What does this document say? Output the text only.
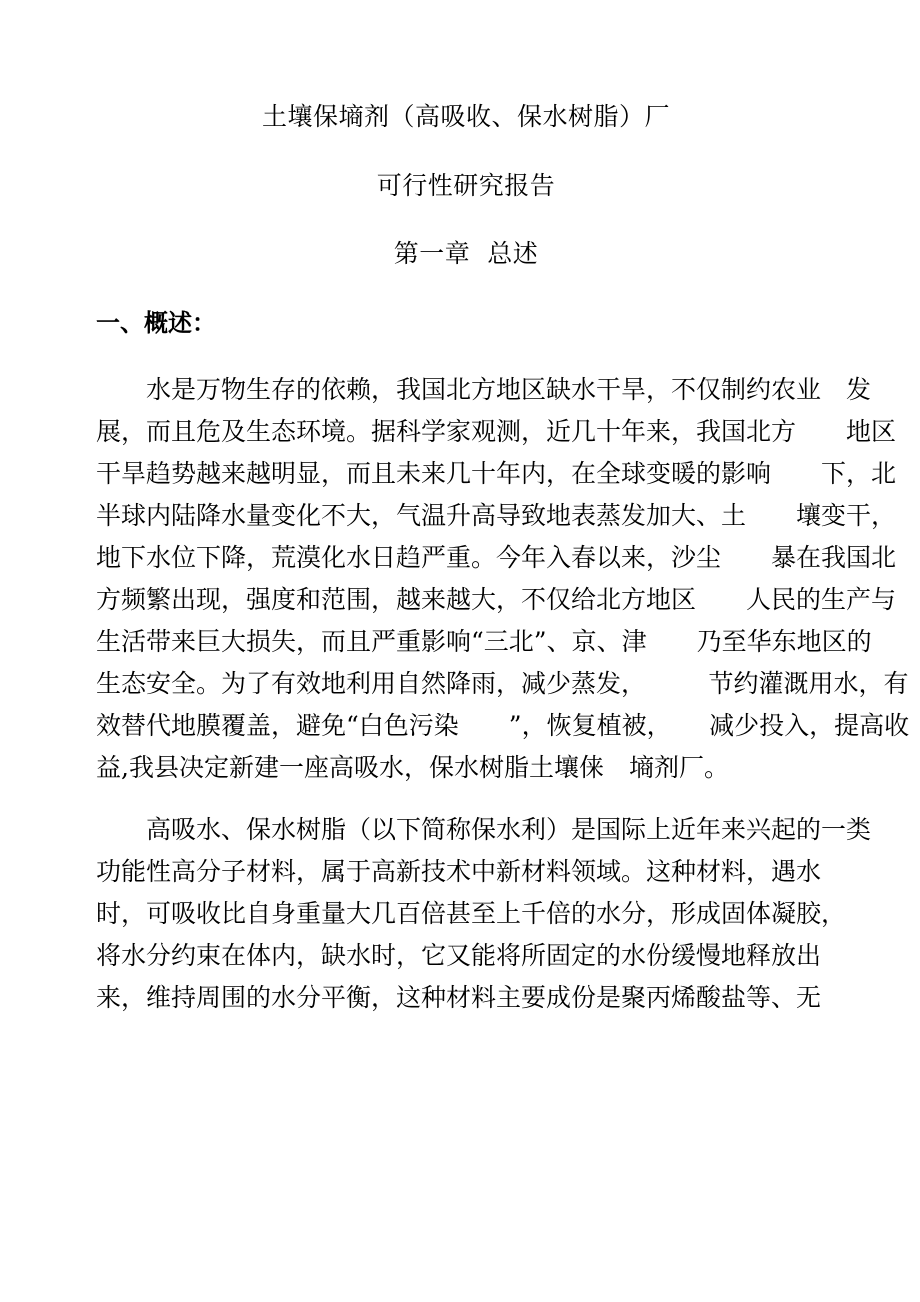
土壤保墒剂（高吸收、保水树脂）厂
可行性研究报告
第一章  总述
一、概述：
　　水是万物生存的依赖，我国北方地区缺水干旱，不仅制约农业　发
展，而且危及生态环境。据科学家观测，近几十年来，我国北方　　地区
干旱趋势越来越明显，而且未来几十年内，在全球变暖的影响　　下，北
半球内陆降水量变化不大，气温升高导致地表蒸发加大、土　　壤变干，
地下水位下降，荒漠化水日趋严重。今年入春以来，沙尘　　暴在我国北
方频繁出现，强度和范围，越来越大，不仅给北方地区　　人民的生产与
生活带来巨大损失，而且严重影响“三北”、京、津　　乃至华东地区的
生态安全。为了有效地利用自然降雨，减少蒸发，　　　节约灌溉用水，有
效替代地膜覆盖，避免“白色污染　　”，恢复植被，　　减少投入，提高收
益,我县决定新建一座高吸水，保水树脂土壤俫　墒剂厂。
　　高吸水、保水树脂（以下简称保水利）是国际上近年来兴起的一类
功能性高分子材料，属于高新技术中新材料领域。这种材料，遇水
时，可吸收比自身重量大几百倍甚至上千倍的水分，形成固体凝胶，
将水分约束在体内，缺水时，它又能将所固定的水份缓慢地释放出
来，维持周围的水分平衡，这种材料主要成份是聚丙烯酸盐等、无
